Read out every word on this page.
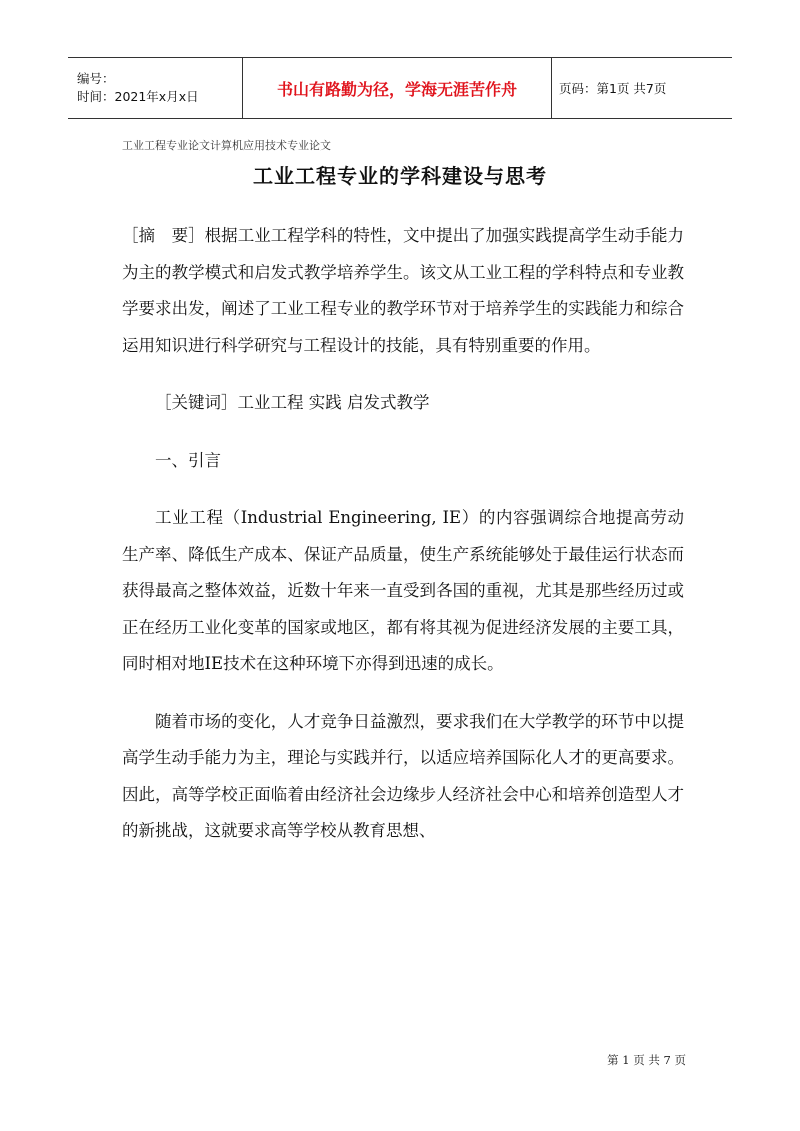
编号：
时间：2021年x月x日	书山有路勤为径，学海无涯苦作舟	页码：第1页 共7页
工业工程专业论文计算机应用技术专业论文
工业工程专业的学科建设与思考

［摘　要］根据工业工程学科的特性，文中提出了加强实践提高学生动手能力为主的教学模式和启发式教学培养学生。该文从工业工程的学科特点和专业教学要求出发，阐述了工业工程专业的教学环节对于培养学生的实践能力和综合运用知识进行科学研究与工程设计的技能，具有特别重要的作用。

［关键词］工业工程 实践 启发式教学

一、引言

工业工程（Industrial Engineering, IE）的内容强调综合地提高劳动生产率、降低生产成本、保证产品质量，使生产系统能够处于最佳运行状态而获得最高之整体效益，近数十年来一直受到各国的重视，尤其是那些经历过或正在经历工业化变革的国家或地区，都有将其视为促进经济发展的主要工具，同时相对地IE技术在这种环境下亦得到迅速的成长。

随着市场的变化，人才竞争日益激烈，要求我们在大学教学的环节中以提高学生动手能力为主，理论与实践并行，以适应培养国际化人才的更高要求。因此，高等学校正面临着由经济社会边缘步人经济社会中心和培养创造型人才的新挑战，这就要求高等学校从教育思想、

第 1 页 共 7 页
